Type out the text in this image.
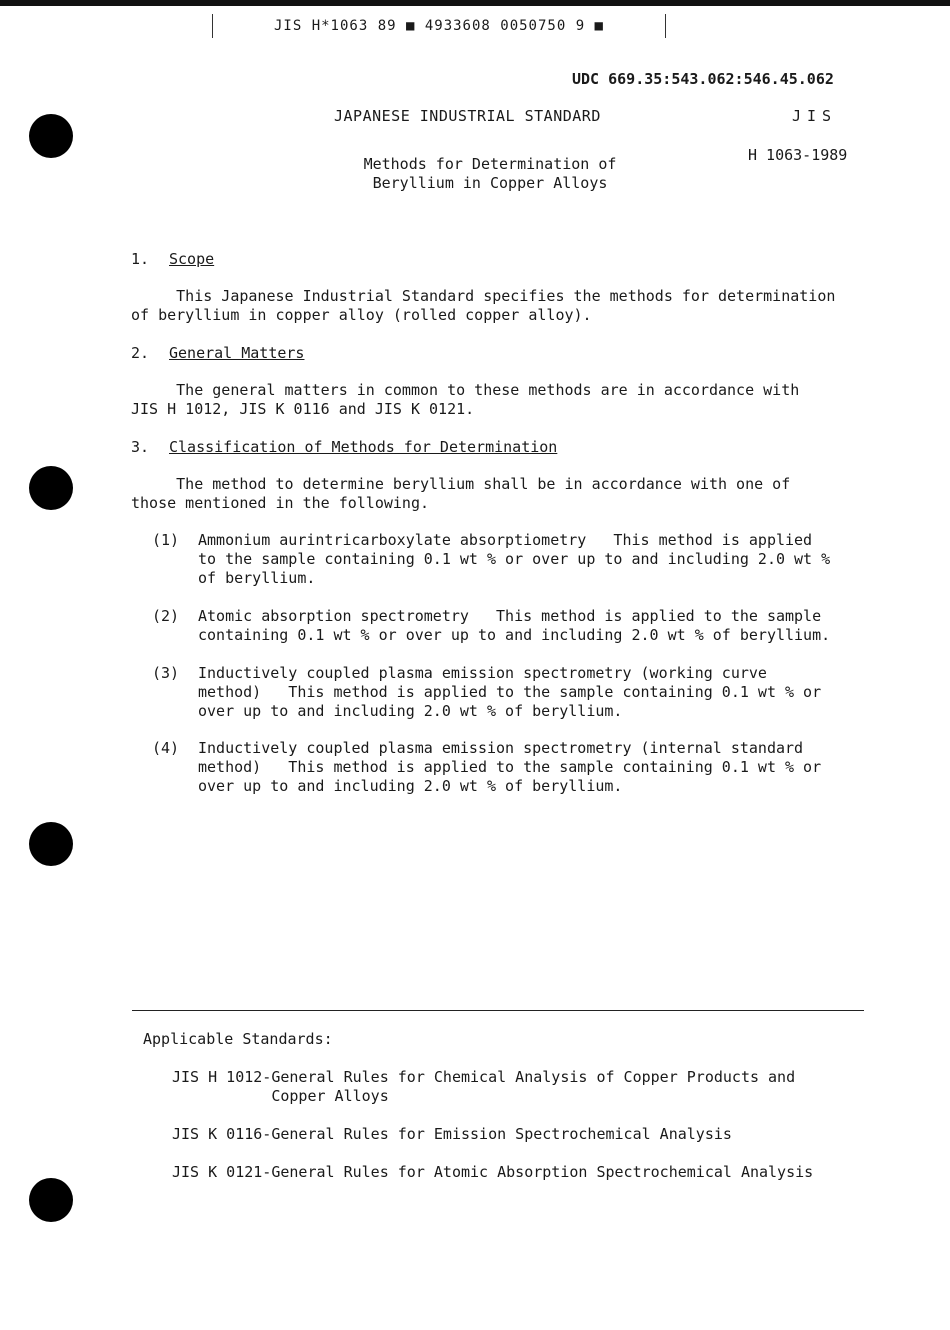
JIS H*1063 89 ■ 4933608 0050750 9 ■
UDC 669.35:543.062:546.45.062
JAPANESE INDUSTRIAL STANDARD	JIS
H 1063-1989
Methods for Determination of
Beryllium in Copper Alloys
1. Scope
This Japanese Industrial Standard specifies the methods for determination
of beryllium in copper alloy (rolled copper alloy).
2. General Matters
The general matters in common to these methods are in accordance with
JIS H 1012, JIS K 0116 and JIS K 0121.
3. Classification of Methods for Determination
The method to determine beryllium shall be in accordance with one of
those mentioned in the following.
(1) Ammonium aurintricarboxylate absorptiometry   This method is applied
to the sample containing 0.1 wt % or over up to and including 2.0 wt %
of beryllium.
(2) Atomic absorption spectrometry   This method is applied to the sample
containing 0.1 wt % or over up to and including 2.0 wt % of beryllium.
(3) Inductively coupled plasma emission spectrometry (working curve
method)   This method is applied to the sample containing 0.1 wt % or
over up to and including 2.0 wt % of beryllium.
(4) Inductively coupled plasma emission spectrometry (internal standard
method)   This method is applied to the sample containing 0.1 wt % or
over up to and including 2.0 wt % of beryllium.
Applicable Standards:
JIS H 1012-General Rules for Chemical Analysis of Copper Products and
Copper Alloys
JIS K 0116-General Rules for Emission Spectrochemical Analysis
JIS K 0121-General Rules for Atomic Absorption Spectrochemical Analysis
